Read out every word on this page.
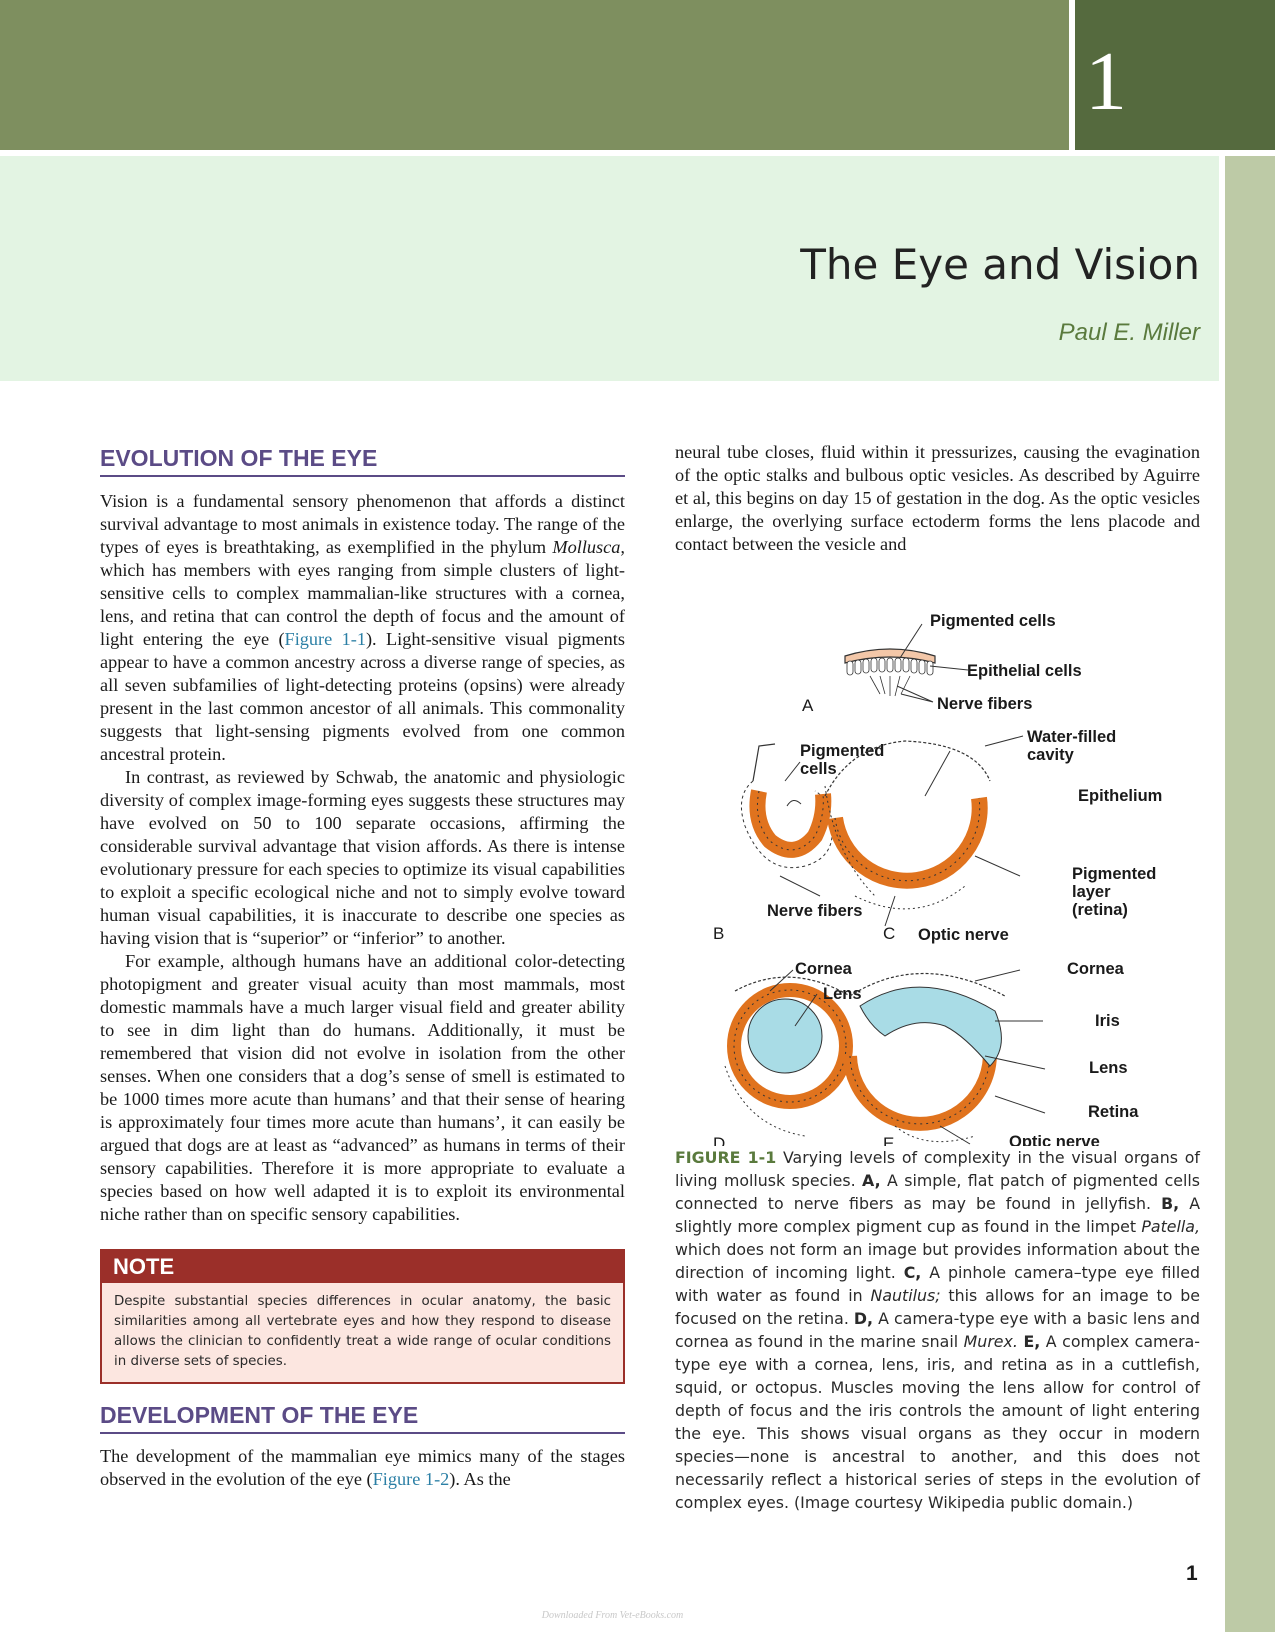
1
The Eye and Vision
Paul E. Miller
EVOLUTION OF THE EYE

Vision is a fundamental sensory phenomenon that affords a distinct survival advantage to most animals in existence today. The range of the types of eyes is breathtaking, as exemplified in the phylum Mollusca, which has members with eyes ranging from simple clusters of light-sensitive cells to complex mammalian-like structures with a cornea, lens, and retina that can control the depth of focus and the amount of light entering the eye (Figure 1-1). Light-sensitive visual pigments appear to have a common ancestry across a diverse range of species, as all seven subfamilies of light-detecting proteins (opsins) were already present in the last common ancestor of all animals. This commonality suggests that light-sensing pigments evolved from one common ancestral protein.

In contrast, as reviewed by Schwab, the anatomic and physiologic diversity of complex image-forming eyes suggests these structures may have evolved on 50 to 100 separate occasions, affirming the considerable survival advantage that vision affords. As there is intense evolutionary pressure for each species to optimize its visual capabilities to exploit a specific ecological niche and not to simply evolve toward human visual capabilities, it is inaccurate to describe one species as having vision that is “superior” or “inferior” to another.

For example, although humans have an additional color-detecting photopigment and greater visual acuity than most mammals, most domestic mammals have a much larger visual field and greater ability to see in dim light than do humans. Additionally, it must be remembered that vision did not evolve in isolation from the other senses. When one considers that a dog’s sense of smell is estimated to be 1000 times more acute than humans’ and that their sense of hearing is approximately four times more acute than humans’, it can easily be argued that dogs are at least as “advanced” as humans in terms of their sensory capabilities. Therefore it is more appropriate to evaluate a species based on how well adapted it is to exploit its environmental niche rather than on specific sensory capabilities.

NOTE
Despite substantial species differences in ocular anatomy, the basic similarities among all vertebrate eyes and how they respond to disease allows the clinician to confidently treat a wide range of ocular conditions in diverse sets of species.
DEVELOPMENT OF THE EYE

The development of the mammalian eye mimics many of the stages observed in the evolution of the eye (Figure 1-2). As the

neural tube closes, fluid within it pressurizes, causing the evagination of the optic stalks and bulbous optic vesicles. As described by Aguirre et al, this begins on day 15 of gestation in the dog. As the optic vesicles enlarge, the overlying surface ectoderm forms the lens placode and contact between the vesicle and

Pigmented cells
Epithelial cells
Nerve fibers
A
Pigmented
cells
Nerve fibers
B
Water-filled
cavity
Epithelium
Pigmented
layer
(retina)
Optic nerve
C
Cornea
Lens
D
Cornea
Iris
Lens
Retina
Optic nerve
E

FIGURE 1-1 Varying levels of complexity in the visual organs of living mollusk species. A, A simple, flat patch of pigmented cells connected to nerve fibers as may be found in jellyfish. B, A slightly more complex pigment cup as found in the limpet Patella, which does not form an image but provides information about the direction of incoming light. C, A pinhole camera–type eye filled with water as found in Nautilus; this allows for an image to be focused on the retina. D, A camera-type eye with a basic lens and cornea as found in the marine snail Murex. E, A complex camera-type eye with a cornea, lens, iris, and retina as in a cuttlefish, squid, or octopus. Muscles moving the lens allow for control of depth of focus and the iris controls the amount of light entering the eye. This shows visual organs as they occur in modern species—none is ancestral to another, and this does not necessarily reflect a historical series of steps in the evolution of complex eyes. (Image courtesy Wikipedia public domain.)

1
Downloaded From Vet-eBooks.com
